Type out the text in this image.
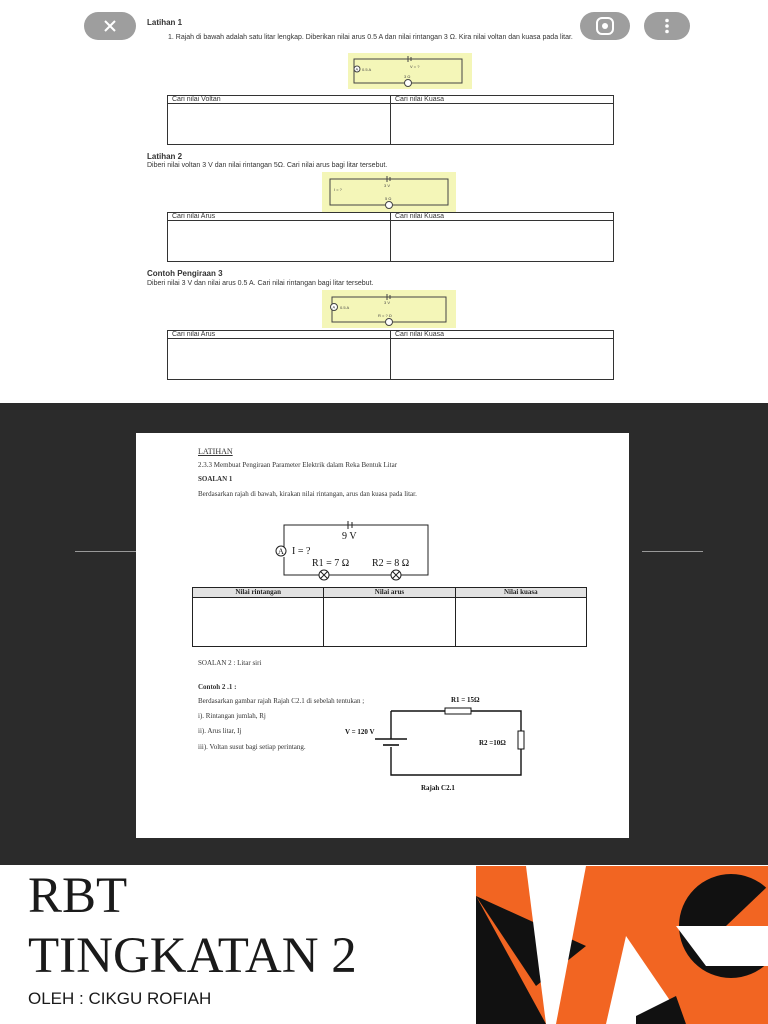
Latihan 1
1. Rajah di bawah adalah satu litar lengkap. Diberikan nilai arus 0.5 A dan nilai rintangan 3 Ω. Kira nilai voltan dan kuasa pada litar.
V = ?
A 0.5 A
3 Ω
Cari nilai Voltan	Cari nilai Kuasa
Latihan 2
Diberi nilai voltan 3 V dan nilai rintangan 5Ω. Cari nilai arus bagi litar tersebut.
3 V
I = ?
5 Ω
Cari nilai Arus	Cari nilai Kuasa
Contoh Pengiraan 3
Diberi nilai 3 V dan nilai arus 0.5 A. Cari nilai rintangan bagi litar tersebut.
3 V
A 0.5 A
R = ? Ω
Cari nilai Arus	Cari nilai Kuasa
LATIHAN
2.3.3 Membuat Pengiraan Parameter Elektrik dalam Reka Bentuk Litar
SOALAN 1
Berdasarkan rajah di bawah, kirakan nilai rintangan, arus dan kuasa pada litar.
9 V
A I = ?
R1 = 7 Ω R2 = 8 Ω
Nilai rintangan	Nilai arus	Nilai kuasa
SOALAN 2 : Litar siri
Contoh 2 .1 :
Berdasarkan gambar rajah Rajah C2.1 di sebelah tentukan ;
i). Rintangan jumlah, Rj
ii). Arus litar, Ij
iii). Voltan susut bagi setiap perintang.
R1 = 15Ω
V = 120 V
R2 =10Ω
Rajah C2.1
RBT
TINGKATAN 2
OLEH : CIKGU ROFIAH
